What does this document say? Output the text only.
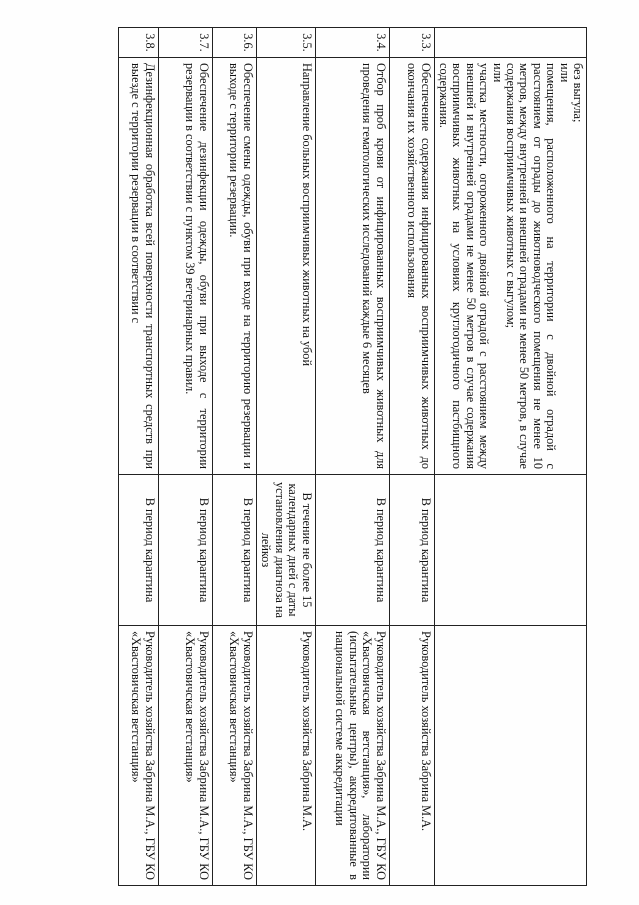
	без выгула;
или
помещения, расположенного на территории с двойной оградой с расстоянием от ограды до животноводческого помещения не менее 10 метров, между внутренней и внешней оградами не менее 50 метров, в случае содержания восприимчивых животных с выгулом;
или
участка местности, огороженного двойной оградой с расстоянием между внешней и внутренней оградами не менее 50 метров в случае содержания восприимчивых животных на условиях круглогодичного пастбищного содержания.		

3.3.	Обеспечение содержания инфицированных восприимчивых животных до окончания их хозяйственного использования	В период карантина	Руководитель хозяйства Забрина М.А.
3.4.	Отбор проб крови от инфицированных восприимчивых животных для проведения гематологических исследований каждые 6 месяцев	В период карантина	Руководитель хозяйства Забрина М.А., ГБУ КО «Хвастовичская ветстанция», лаборатории (испытательные центры), аккредитованные в национальной системе аккредитации
3.5.	Направление больных восприимчивых животных на убой	В течение не более 15 календарных дней с даты установления диагноза на лейкоз	Руководитель хозяйства Забрина М.А.
3.6.	Обеспечение смены одежды, обуви при входе на территорию резервации и выходе с территории резервации.	В период карантина	Руководитель хозяйства Забрина М.А., ГБУ КО «Хвастовичская ветстанция»
3.7.	Обеспечение дезинфекции одежды, обуви при выходе с территории резервации в соответствии с пунктом 39 ветеринарных правил.	В период карантина	Руководитель хозяйства Забрина М.А., ГБУ КО «Хвастовичская ветстанция»
3.8.	Дезинфекционная обработка всей поверхности транспортных средств при выезде с территории резервации в соответствии с	В период карантина	Руководитель хозяйства Забрина М.А., ГБУ КО «Хвастовичская ветстанция»
